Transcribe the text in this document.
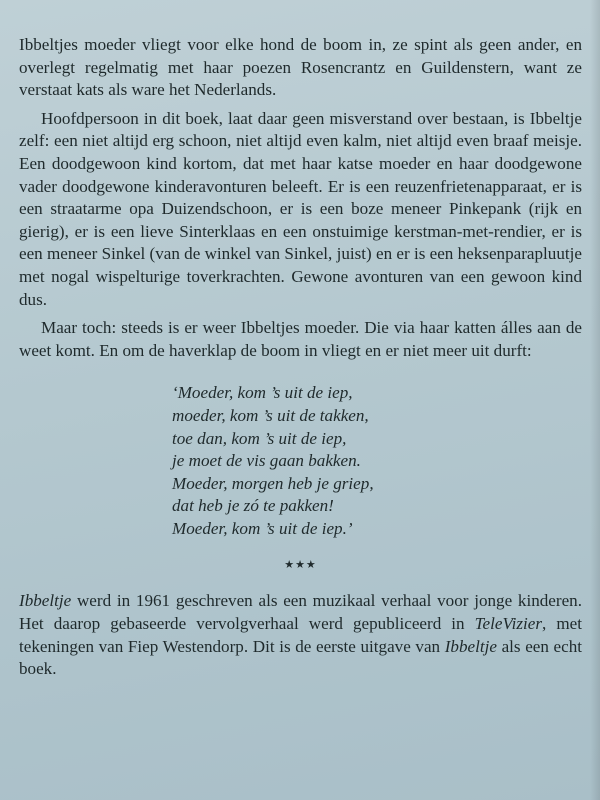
Ibbeltjes moeder vliegt voor elke hond de boom in, ze spint als geen ander, en overlegt regelmatig met haar poezen Rosencrantz en Guildenstern, want ze verstaat kats als ware het Nederlands.

Hoofdpersoon in dit boek, laat daar geen misverstand over bestaan, is Ibbeltje zelf: een niet altijd erg schoon, niet altijd even kalm, niet altijd even braaf meisje. Een doodgewoon kind kortom, dat met haar katse moeder en haar doodgewone vader doodgewone kinderavonturen beleeft. Er is een reuzenfrietenapparaat, er is een straatarme opa Duizendschoon, er is een boze meneer Pinkepank (rijk en gierig), er is een lieve Sinterklaas en een onstuimige kerstman-met-rendier, er is een meneer Sinkel (van de winkel van Sinkel, juist) en er is een heksenparapluutje met nogal wispelturige toverkrachten. Gewone avonturen van een gewoon kind dus.

Maar toch: steeds is er weer Ibbeltjes moeder. Die via haar katten álles aan de weet komt. En om de haverklap de boom in vliegt en er niet meer uit durft:

‘Moeder, kom ’s uit de iep,
moeder, kom ’s uit de takken,
toe dan, kom ’s uit de iep,
je moet de vis gaan bakken.
Moeder, morgen heb je griep,
dat heb je zó te pakken!
Moeder, kom ’s uit de iep.’
★★★

Ibbeltje werd in 1961 geschreven als een muzikaal verhaal voor jonge kinderen. Het daarop gebaseerde vervolgverhaal werd gepubliceerd in TeleVizier, met tekeningen van Fiep Westendorp. Dit is de eerste uitgave van Ibbeltje als een echt boek.
